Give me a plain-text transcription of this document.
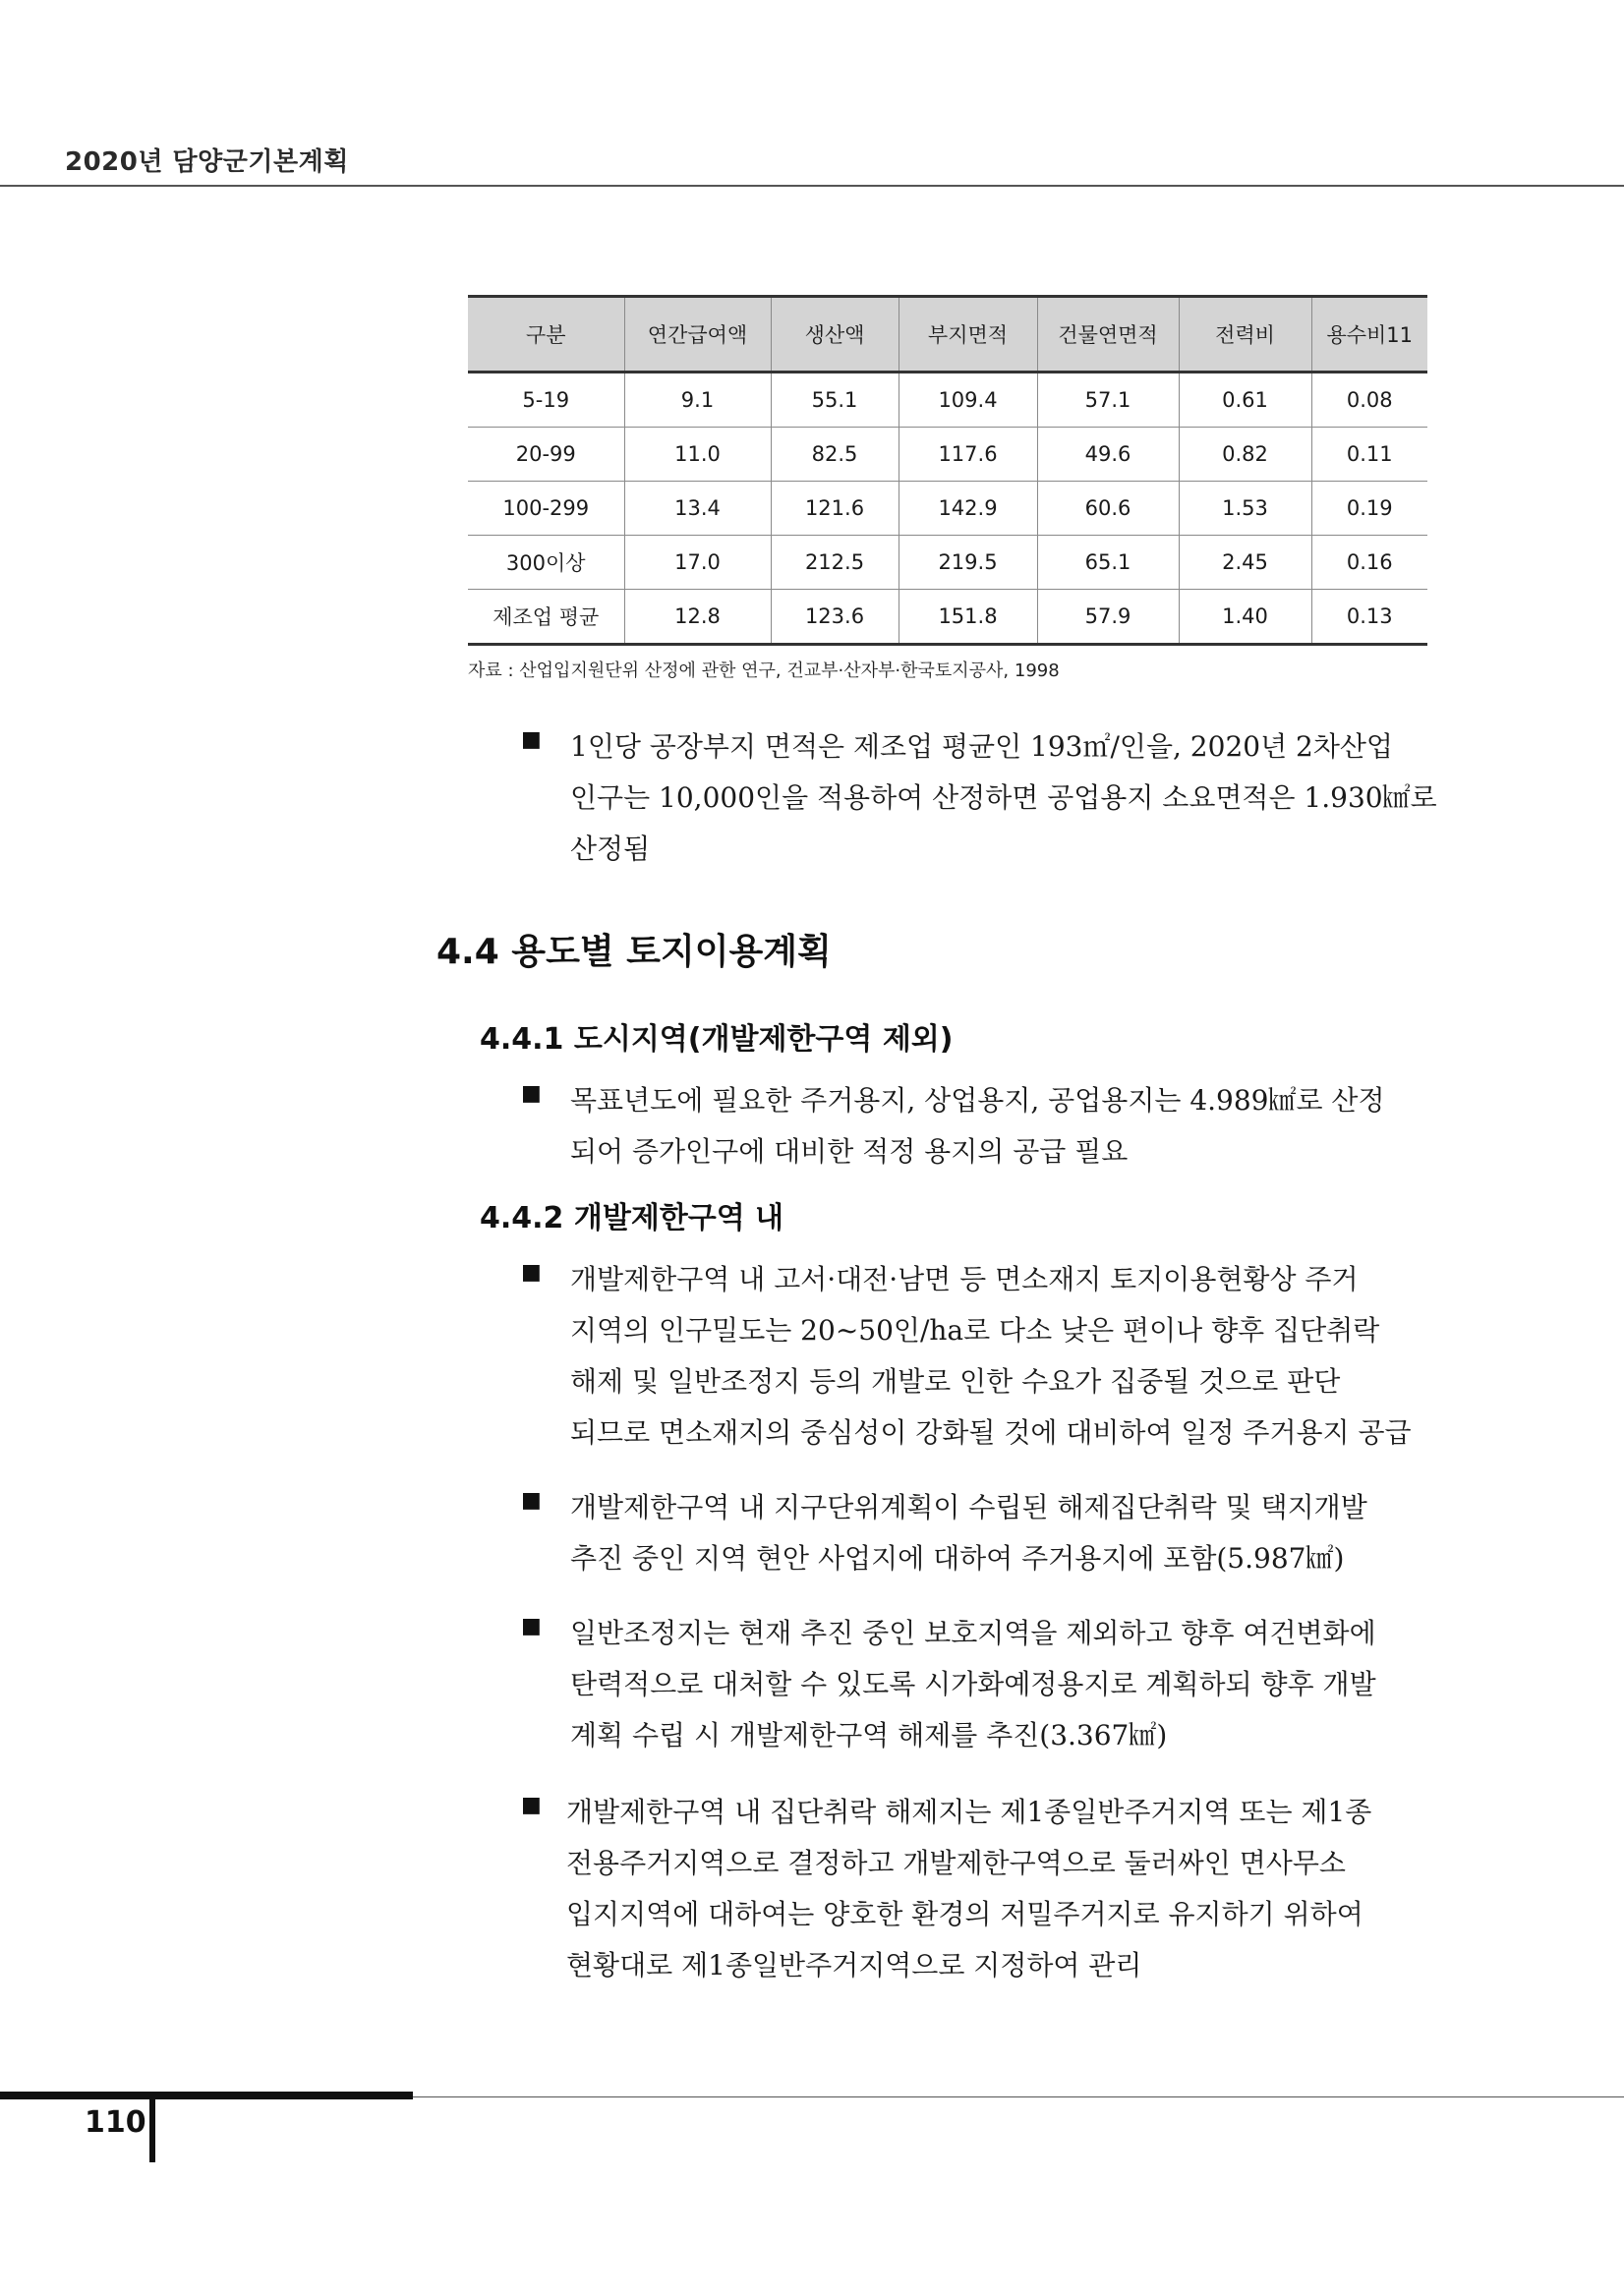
2020년 담양군기본계획
구분	연간급여액	생산액	부지면적	건물연면적	전력비	용수비11
5-19	9.1	55.1	109.4	57.1	0.61	0.08
20-99	11.0	82.5	117.6	49.6	0.82	0.11
100-299	13.4	121.6	142.9	60.6	1.53	0.19
300이상	17.0	212.5	219.5	65.1	2.45	0.16
제조업 평균	12.8	123.6	151.8	57.9	1.40	0.13
자료 : 산업입지원단위 산정에 관한 연구, 건교부·산자부·한국토지공사, 1998
■ 1인당 공장부지 면적은 제조업 평균인 193㎡/인을, 2020년 2차산업
인구는 10,000인을 적용하여 산정하면 공업용지 소요면적은 1.930㎢로
산정됨
4.4 용도별 토지이용계획
4.4.1 도시지역(개발제한구역 제외)
■ 목표년도에 필요한 주거용지, 상업용지, 공업용지는 4.989㎢로 산정
되어 증가인구에 대비한 적정 용지의 공급 필요
4.4.2 개발제한구역 내
■ 개발제한구역 내 고서·대전·남면 등 면소재지 토지이용현황상 주거
지역의 인구밀도는 20~50인/ha로 다소 낮은 편이나 향후 집단취락
해제 및 일반조정지 등의 개발로 인한 수요가 집중될 것으로 판단
되므로 면소재지의 중심성이 강화될 것에 대비하여 일정 주거용지 공급
■ 개발제한구역 내 지구단위계획이 수립된 해제집단취락 및 택지개발
추진 중인 지역 현안 사업지에 대하여 주거용지에 포함(5.987㎢)
■ 일반조정지는 현재 추진 중인 보호지역을 제외하고 향후 여건변화에
탄력적으로 대처할 수 있도록 시가화예정용지로 계획하되 향후 개발
계획 수립 시 개발제한구역 해제를 추진(3.367㎢)
■ 개발제한구역 내 집단취락 해제지는 제1종일반주거지역 또는 제1종
전용주거지역으로 결정하고 개발제한구역으로 둘러싸인 면사무소
입지지역에 대하여는 양호한 환경의 저밀주거지로 유지하기 위하여
현황대로 제1종일반주거지역으로 지정하여 관리
110
